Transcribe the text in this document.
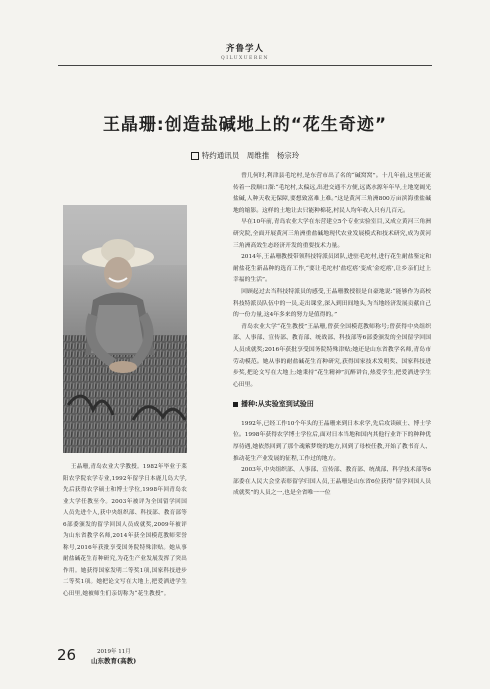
齐鲁学人
QILUXUEREN
王晶珊:创造盐碱地上的“花生奇迹”
特约通讯员　 周维推　杨宗玲

王晶珊,青岛农业大学教授。1982年毕业于莱阳农学院农学专业,1992年留学日本鹿儿岛大学,先后获得农学硕士和博士学位,1998年回青岛农业大学任教至今。2003年被评为全国留学回国人员先进个人,获中央组织部、科技部、教育部等6部委颁发的留学回国人员成就奖,2009年被评为山东省教学名师,2014年获全国模范教师荣誉称号,2016年获批享受国务院特殊津贴。她从事耐盐碱花生育种研究,为花生产业发展发挥了突出作用。她获得国家发明二等奖1项,国家科技进步二等奖1项。她把论文写在大地上,把爱洒进学生心田里,她被师生们亲切称为“花生教授”。

曾几何时,利津县毛坨村,是东营市出了名的“碱窝窝”。十几年前,这里还流传着一段顺口溜:“毛坨村,太偏远,出进交通不方便,远离水源年年旱,土地宽阔光盐碱,人种天收无保障,要想致富难上难。”这是黄河三角洲800万亩滨海重盐碱地的缩影。这样的土地让去只能种棉花,村民人均年收入只有几百元。

早在10年前,青岛农业大学在东营建立5个专业实验室目,又成立黄河三角洲研究院,全面开展黄河三角洲重盐碱地现代农业发展模式和技术研究,成为黄河三角洲高效生态经济开发的重要技术力量。

2014年,王晶珊教授带领科技特派员团队,进驻毛坨村,进行花生耐盐鉴定和耐盐花生新品种的选育工作,“要让毛坨村‘盐疙瘩’变成‘金疙瘩’,让乡亲们过上幸福的生活”。

回顾起过去当科技特派员的感受,王晶珊教授很是自豪地说:“能够作为高校科技特派员队伍中的一员,走出课堂,深入到田间地头,为当地经济发展贡献自己的一份力量,这4年多来的努力是值得的。”

青岛农业大学“花生教授”王晶珊,曾获全国模范教师称号;曾获得中央组织部、人事部、宣传部、教育部、统战部、科技部等6部委颁发的全国留学回国人员成就奖;2016年获批享受国务院特殊津贴;她还是山东省教学名师,青岛市劳动模范。她从事的耐盐碱花生育种研究,获得国家技术发明奖、国家科技进步奖,把论文写在大地上;她秉持“花生精神”沉醉讲台,热爱学生,把爱洒进学生心田里。

播种:从实验室到试验田

1992年,已经工作10个年头的王晶珊来到日本求学,先后攻读硕士、博士学位。1998年获得农学博士学位后,面对日本当地和国内其他行业许下的种种优厚待遇,她依然回到了那个魂萦梦绕的地方,回到了母校任教,开始了教书育人、推动花生产业发展的征程,工作过的地方。

2003年,中央组织部、人事部、宣传部、教育部、统战部、科学技术部等6部委在人民大会堂表彰留学归国人员,王晶珊是山东省6位获得“留学回国人员成就奖”的人员之一,也是全省唯一一位

26	2019年 11月
山东教育(高教)
